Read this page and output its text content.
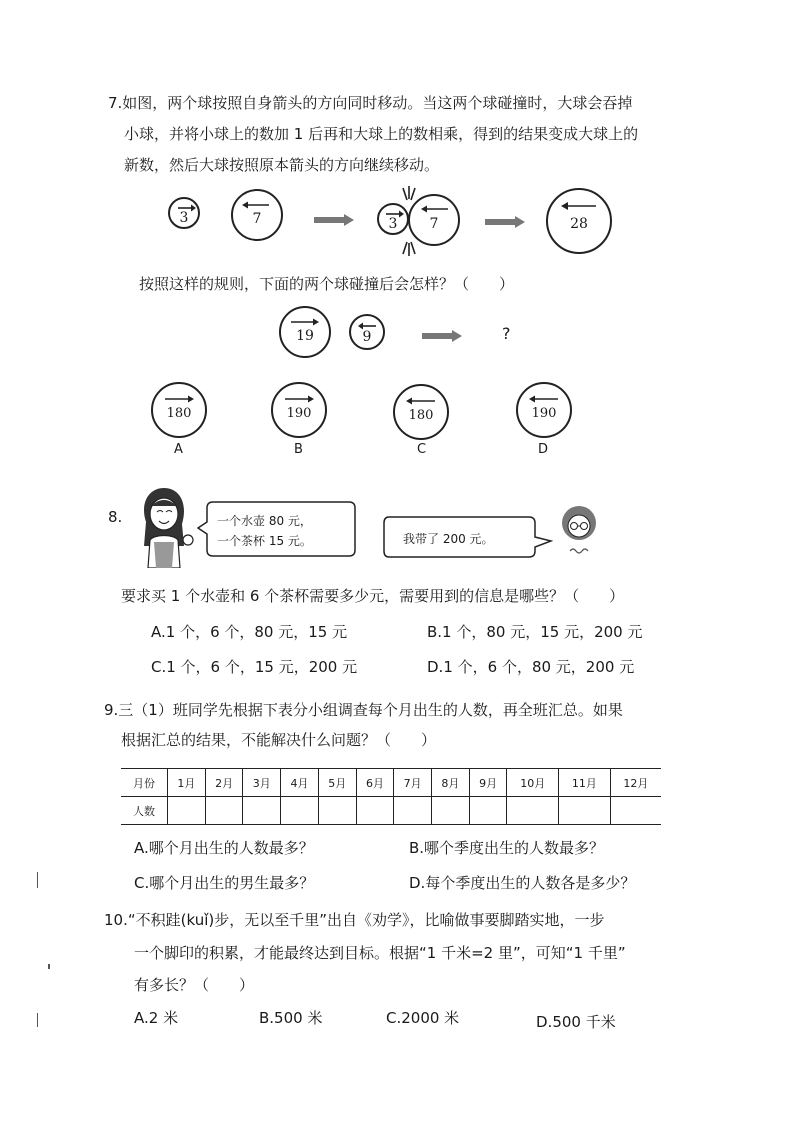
7.如图，两个球按照自身箭头的方向同时移动。当这两个球碰撞时，大球会吞掉
小球，并将小球上的数加 1 后再和大球上的数相乘，得到的结果变成大球上的
新数，然后大球按照原本箭头的方向继续移动。
3	7	3	7	28
按照这样的规则，下面的两个球碰撞后会怎样？（　　）
19	9	?
180
A
190
B
180
C
190
D
8.	一个水壶 80 元，
一个茶杯 15 元。	我带了 200 元。
要求买 1 个水壶和 6 个茶杯需要多少元，需要用到的信息是哪些？（　　）
A.1 个，6 个，80 元，15 元	B.1 个，80 元，15 元，200 元
C.1 个，6 个，15 元，200 元	D.1 个，6 个，80 元，200 元
9.三（1）班同学先根据下表分小组调查每个月出生的人数，再全班汇总。如果
根据汇总的结果，不能解决什么问题？（　　）
月份	1月	2月	3月	4月	5月	6月	7月	8月	9月	10月	11月	12月
人数												
A.哪个月出生的人数最多？	B.哪个季度出生的人数最多？
C.哪个月出生的男生最多？	D.每个季度出生的人数各是多少？
10.“不积跬(kuǐ)步，无以至千里”出自《劝学》，比喻做事要脚踏实地，一步
一个脚印的积累，才能最终达到目标。根据“1 千米=2 里”，可知“1 千里”
有多长？（　　）
A.2 米	B.500 米	C.2000 米	D.500 千米
